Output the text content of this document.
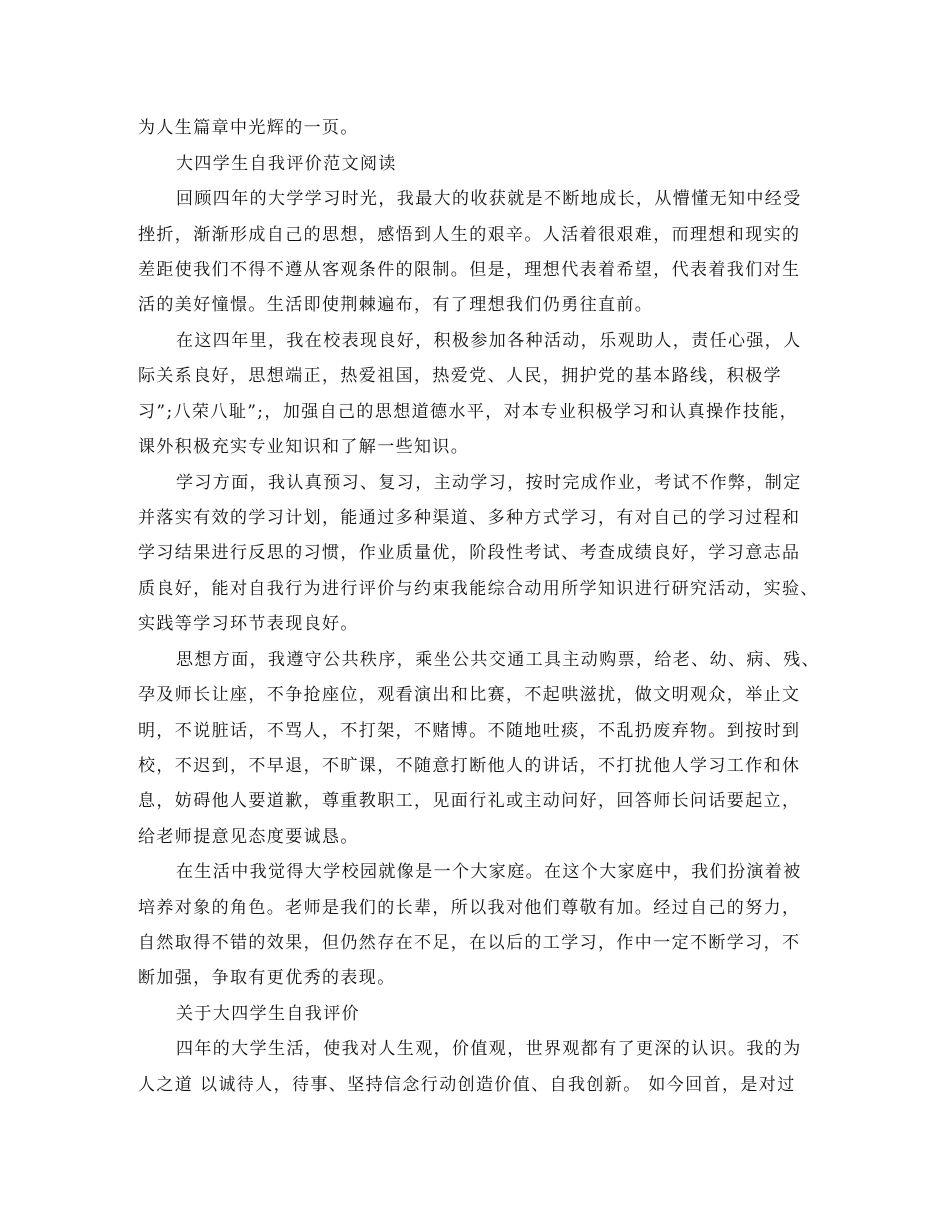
为人生篇章中光辉的一页。
大四学生自我评价范文阅读
回顾四年的大学学习时光，我最大的收获就是不断地成长，从懵懂无知中经受
挫折，渐渐形成自己的思想，感悟到人生的艰辛。人活着很艰难，而理想和现实的
差距使我们不得不遵从客观条件的限制。但是，理想代表着希望，代表着我们对生
活的美好憧憬。生活即使荆棘遍布，有了理想我们仍勇往直前。
在这四年里，我在校表现良好，积极参加各种活动，乐观助人，责任心强，人
际关系良好，思想端正，热爱祖国，热爱党、人民，拥护党的基本路线，积极学
习”;八荣八耻”;，加强自己的思想道德水平，对本专业积极学习和认真操作技能，
课外积极充实专业知识和了解一些知识。
学习方面，我认真预习、复习，主动学习，按时完成作业，考试不作弊，制定
并落实有效的学习计划，能通过多种渠道、多种方式学习，有对自己的学习过程和
学习结果进行反思的习惯，作业质量优，阶段性考试、考查成绩良好，学习意志品
质良好，能对自我行为进行评价与约束我能综合动用所学知识进行研究活动，实验、
实践等学习环节表现良好。
思想方面，我遵守公共秩序，乘坐公共交通工具主动购票，给老、幼、病、残、
孕及师长让座，不争抢座位，观看演出和比赛，不起哄滋扰，做文明观众，举止文
明，不说脏话，不骂人，不打架，不赌博。不随地吐痰，不乱扔废弃物。到按时到
校，不迟到，不早退，不旷课，不随意打断他人的讲话，不打扰他人学习工作和休
息，妨碍他人要道歉，尊重教职工，见面行礼或主动问好，回答师长问话要起立，
给老师提意见态度要诚恳。
在生活中我觉得大学校园就像是一个大家庭。在这个大家庭中，我们扮演着被
培养对象的角色。老师是我们的长辈，所以我对他们尊敬有加。经过自己的努力，
自然取得不错的效果，但仍然存在不足，在以后的工学习，作中一定不断学习，不
断加强，争取有更优秀的表现。
关于大四学生自我评价
四年的大学生活，使我对人生观，价值观，世界观都有了更深的认识。我的为
人之道 以诚待人，待事、坚持信念行动创造价值、自我创新。 如今回首，是对过
